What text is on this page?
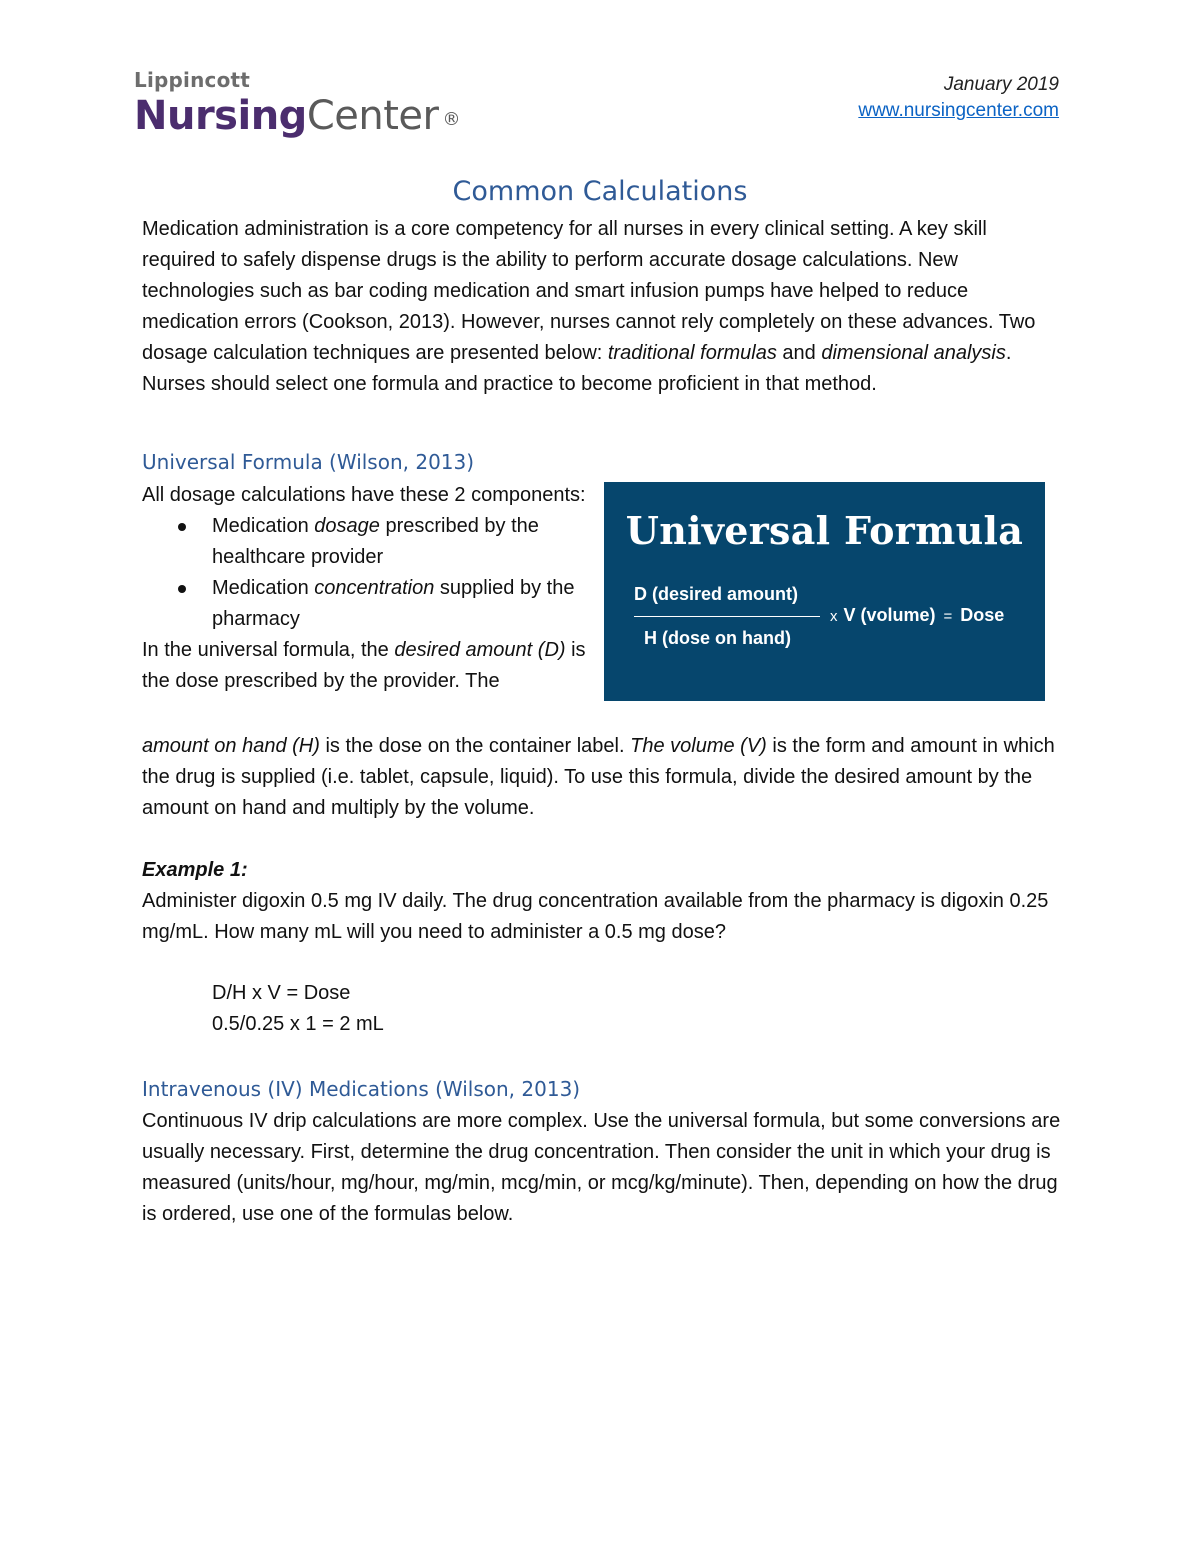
Lippincott
NursingCenter ®
January 2019
www.nursingcenter.com
Common Calculations
Medication administration is a core competency for all nurses in every clinical setting. A key skill required to safely dispense drugs is the ability to perform accurate dosage calculations. New technologies such as bar coding medication and smart infusion pumps have helped to reduce medication errors (Cookson, 2013). However, nurses cannot rely completely on these advances. Two dosage calculation techniques are presented below: traditional formulas and dimensional analysis. Nurses should select one formula and practice to become proficient in that method.
Universal Formula (Wilson, 2013)
All dosage calculations have these 2 components:
Medication dosage prescribed by the healthcare provider
Medication concentration supplied by the pharmacy
In the universal formula, the desired amount (D) is the dose prescribed by the provider. The
amount on hand (H) is the dose on the container label. The volume (V) is the form and amount in which the drug is supplied (i.e. tablet, capsule, liquid). To use this formula, divide the desired amount by the amount on hand and multiply by the volume.
Universal Formula
D (desired amount)
H (dose on hand)
x V (volume) = Dose
Example 1:
Administer digoxin 0.5 mg IV daily. The drug concentration available from the pharmacy is digoxin 0.25 mg/mL. How many mL will you need to administer a 0.5 mg dose?
D/H x V = Dose
0.5/0.25 x 1 = 2 mL
Intravenous (IV) Medications (Wilson, 2013)
Continuous IV drip calculations are more complex. Use the universal formula, but some conversions are usually necessary. First, determine the drug concentration. Then consider the unit in which your drug is measured (units/hour, mg/hour, mg/min, mcg/min, or mcg/kg/minute). Then, depending on how the drug is ordered, use one of the formulas below.
